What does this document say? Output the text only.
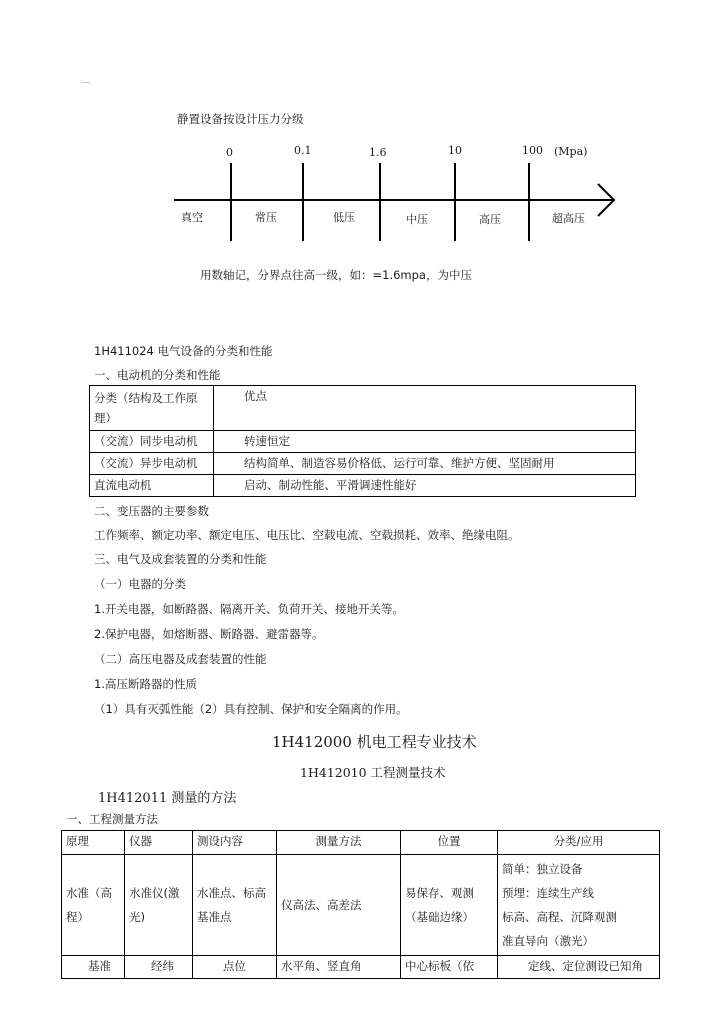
－
静置设备按设计压力分级
0	0.1	1.6	10	100 (Mpa)
真空	常压	低压	中压	高压	超高压
用数轴记，分界点往高一级，如：=1.6mpa，为中压
1H411024 电气设备的分类和性能
一、电动机的分类和性能
分类（结构及工作原理）	优点
（交流）同步电动机	转速恒定
（交流）异步电动机	结构简单、制造容易价格低、运行可靠、维护方便、坚固耐用
直流电动机	启动、制动性能、平滑调速性能好
二、变压器的主要参数
工作频率、额定功率、额定电压、电压比、空载电流、空载损耗、效率、绝缘电阻。
三、电气及成套装置的分类和性能
（一）电器的分类
1.开关电器，如断路器、隔离开关、负荷开关、接地开关等。
2.保护电器，如熔断器、断路器、避雷器等。
（二）高压电器及成套装置的性能
1.高压断路器的性质
（1）具有灭弧性能（2）具有控制、保护和安全隔离的作用。
1H412000 机电工程专业技术
1H412010 工程测量技术
1H412011 测量的方法
一、工程测量方法
原理	仪器	测设内容	测量方法	位置	分类/应用
水准（高程）	水准仪(激光)	水准点、标高基准点	仪高法、高差法	易保存、观测（基础边缘）	简单：独立设备
预埋：连续生产线
标高、高程、沉降观测
准直导向（激光）

基准	经纬	点位	水平角、竖直角	中心标板（依	定线、定位测设已知角
